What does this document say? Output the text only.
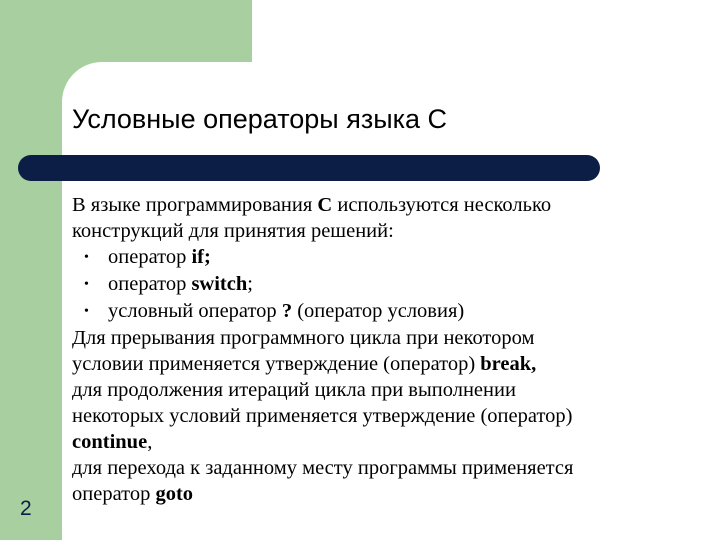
Условные операторы языка С
В языке программирования С используются несколько
конструкций для принятия решений:
• оператор if;
• оператор switch;
• условный оператор ? (оператор условия)
Для прерывания программного цикла при некотором
условии применяется утверждение (оператор) break,
для продолжения итераций цикла при выполнении
некоторых условий применяется утверждение (оператор)
continue,
для перехода к заданному месту программы применяется
оператор goto
2
